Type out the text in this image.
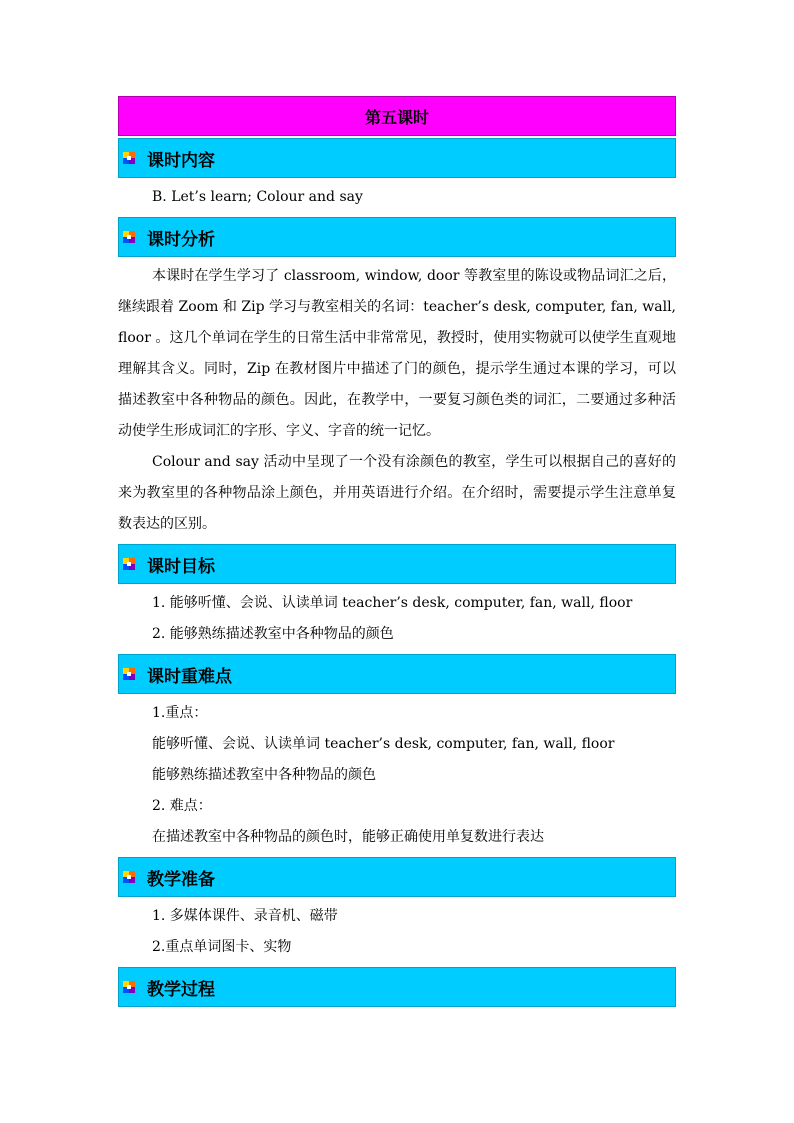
第五课时
课时内容
B. Let’s learn; Colour and say
课时分析

本课时在学生学习了 classroom, window, door 等教室里的陈设或物品词汇之后，继续跟着 Zoom 和 Zip 学习与教室相关的名词：teacher’s desk, computer, fan, wall, floor 。这几个单词在学生的日常生活中非常常见，教授时，使用实物就可以使学生直观地理解其含义。同时，Zip 在教材图片中描述了门的颜色，提示学生通过本课的学习，可以描述教室中各种物品的颜色。因此，在教学中，一要复习颜色类的词汇，二要通过多种活动使学生形成词汇的字形、字义、字音的统一记忆。

Colour and say 活动中呈现了一个没有涂颜色的教室，学生可以根据自己的喜好的来为教室里的各种物品涂上颜色，并用英语进行介绍。在介绍时，需要提示学生注意单复数表达的区别。

课时目标
1. 能够听懂、会说、认读单词 teacher’s desk, computer, fan, wall, floor
2. 能够熟练描述教室中各种物品的颜色
课时重难点
1.重点：
能够听懂、会说、认读单词 teacher’s desk, computer, fan, wall, floor
能够熟练描述教室中各种物品的颜色
2. 难点：
在描述教室中各种物品的颜色时，能够正确使用单复数进行表达
教学准备
1. 多媒体课件、录音机、磁带
2.重点单词图卡、实物
教学过程
